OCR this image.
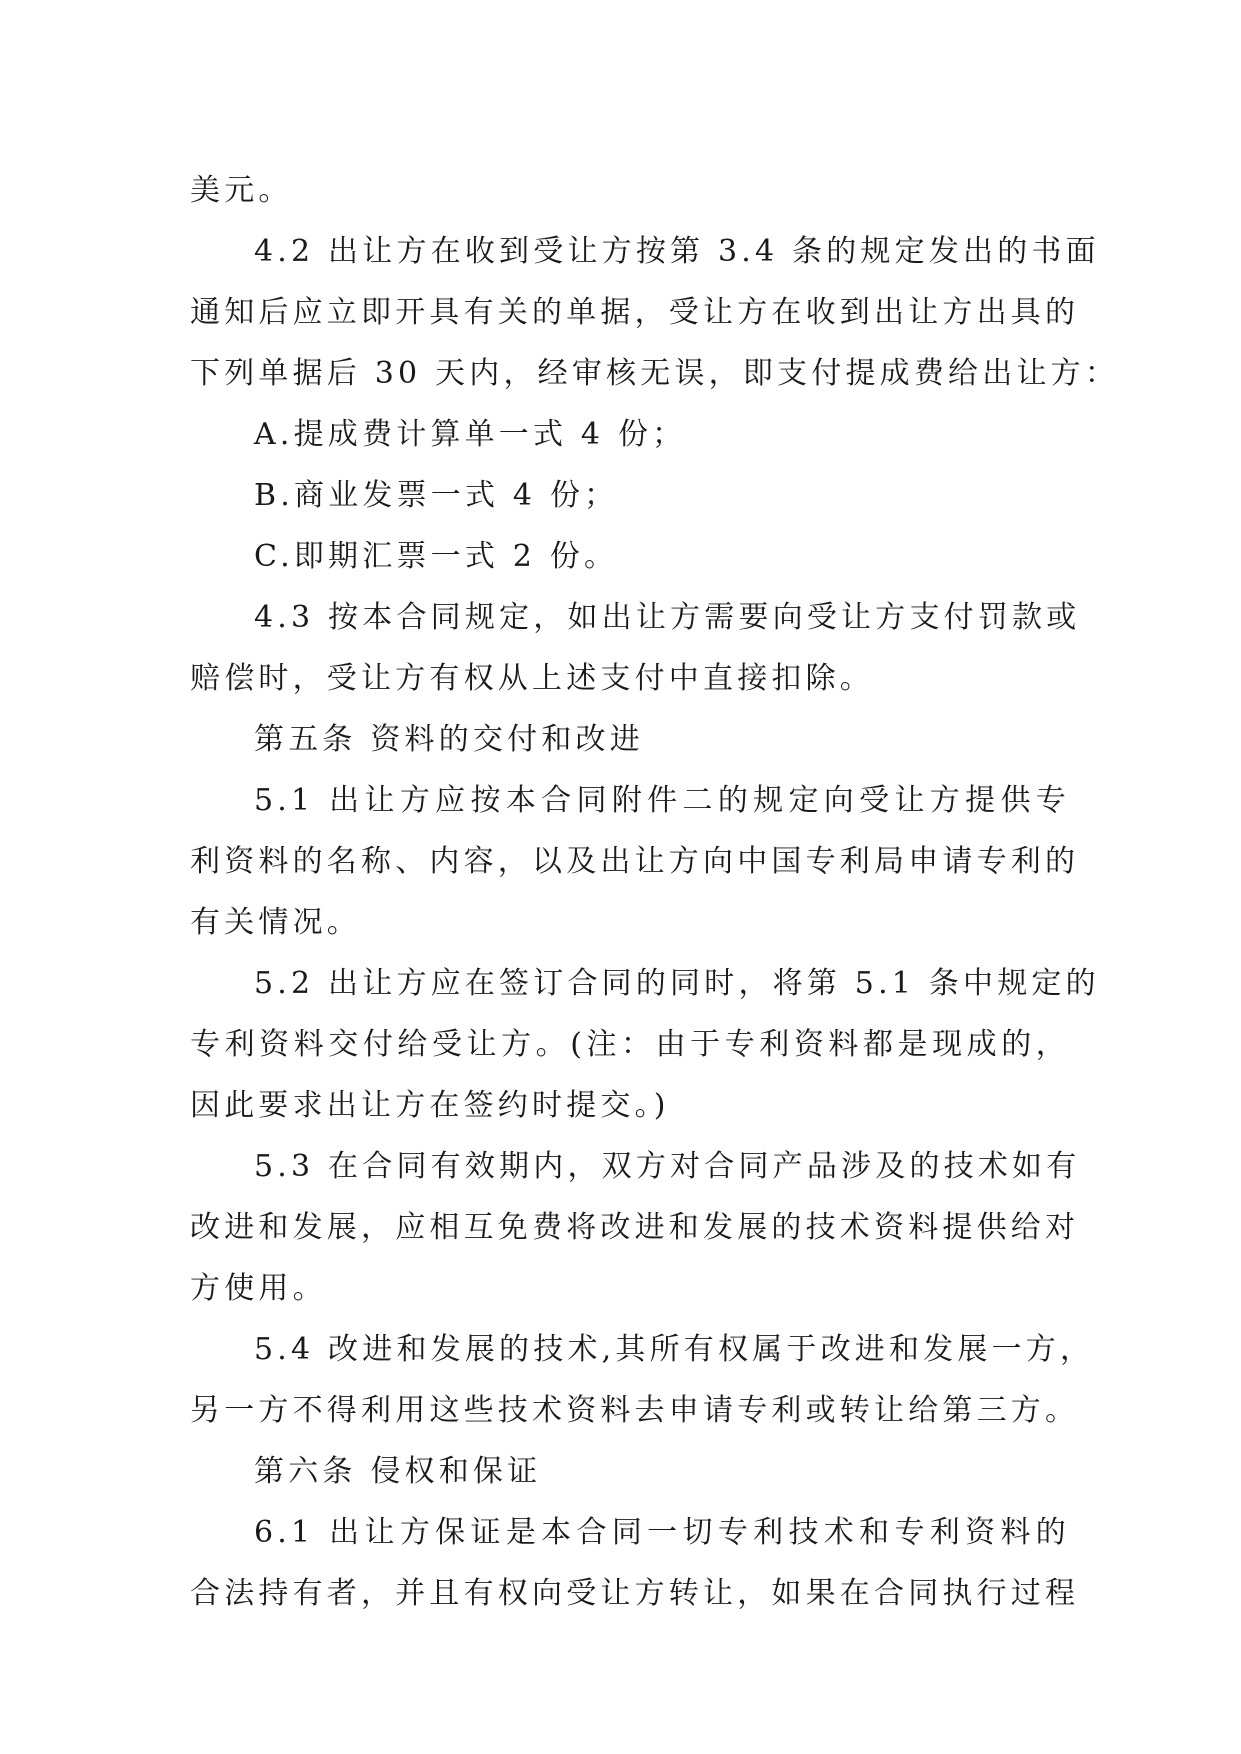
美元。
4.2 出让方在收到受让方按第 3.4 条的规定发出的书面
通知后应立即开具有关的单据，受让方在收到出让方出具的
下列单据后 30 天内，经审核无误，即支付提成费给出让方：
A.提成费计算单一式 4 份；
B.商业发票一式 4 份；
C.即期汇票一式 2 份。
4.3 按本合同规定，如出让方需要向受让方支付罚款或
赔偿时，受让方有权从上述支付中直接扣除。
第五条 资料的交付和改进
5.1 出让方应按本合同附件二的规定向受让方提供专
利资料的名称、内容，以及出让方向中国专利局申请专利的
有关情况。
5.2 出让方应在签订合同的同时，将第 5.1 条中规定的
专利资料交付给受让方。(注：由于专利资料都是现成的，
因此要求出让方在签约时提交。)
5.3 在合同有效期内，双方对合同产品涉及的技术如有
改进和发展，应相互免费将改进和发展的技术资料提供给对
方使用。
5.4 改进和发展的技术,其所有权属于改进和发展一方，
另一方不得利用这些技术资料去申请专利或转让给第三方。
第六条 侵权和保证
6.1 出让方保证是本合同一切专利技术和专利资料的
合法持有者，并且有权向受让方转让，如果在合同执行过程
